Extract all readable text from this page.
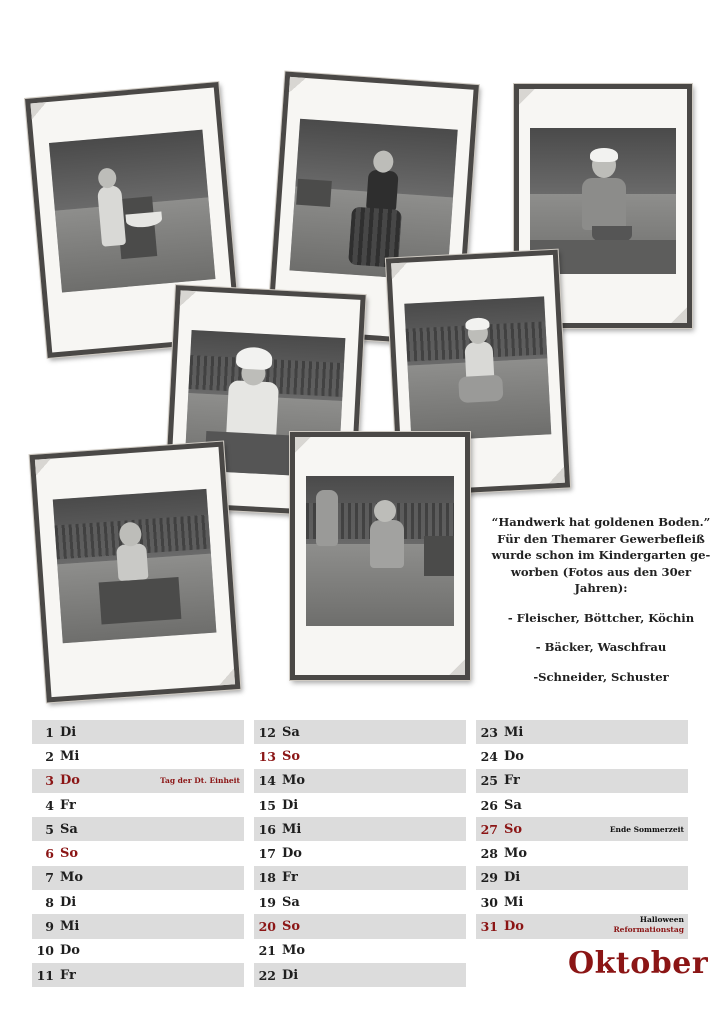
“Handwerk hat goldenen Boden.”

Für den Themarer Gewerbefleiß

wurde schon im Kindergarten ge-

worben (Fotos aus den 30er Jahren):

- Fleischer, Böttcher, Köchin

- Bäcker, Waschfrau

-Schneider, Schuster

1 Di
2 Mi
3 Do	Tag der Dt. Einheit
4 Fr
5 Sa
6 So
7 Mo
8 Di
9 Mi
10 Do
11 Fr
12 Sa
13 So
14 Mo
15 Di
16 Mi
17 Do
18 Fr
19 Sa
20 So
21 Mo
22 Di
23 Mi
24 Do
25 Fr
26 Sa
27 So	Ende Sommerzeit
28 Mo
29 Di
30 Mi
31 Do	Halloween
Reformationstag
Oktober
